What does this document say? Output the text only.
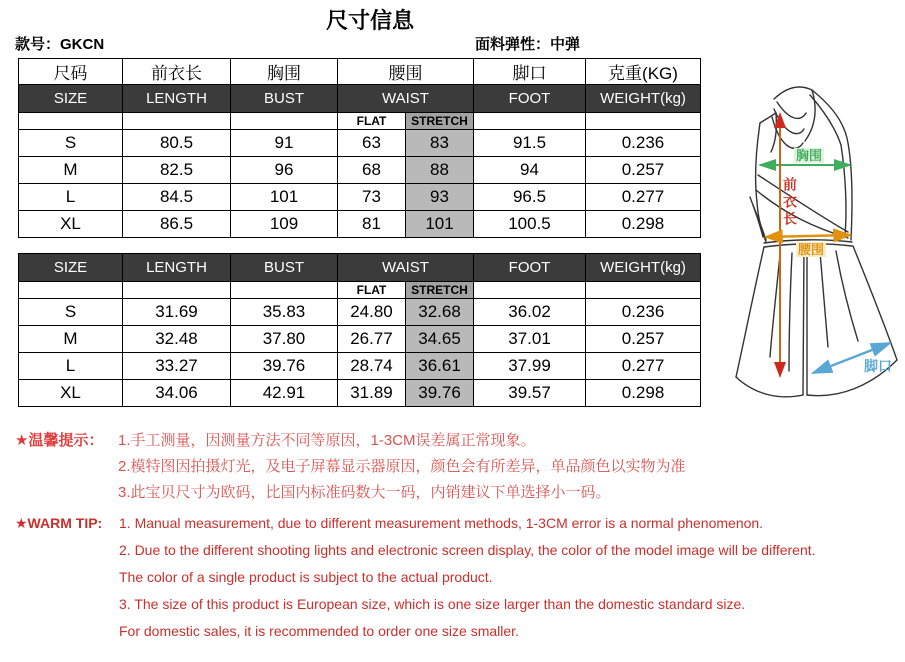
尺寸信息
款号：GKCN	面料弹性：中弹
尺码	前衣长	胸围	腰围		脚口	克重(KG)
SIZE	LENGTH	BUST	WAIST		FOOT	WEIGHT(kg)
			FLAT	STRETCH		
S	80.5	91	63	83	91.5	0.236
M	82.5	96	68	88	94	0.257
L	84.5	101	73	93	96.5	0.277
XL	86.5	109	81	101	100.5	0.298
SIZE	LENGTH	BUST	WAIST		FOOT	WEIGHT(kg)
			FLAT	STRETCH		
S	31.69	35.83	24.80	32.68	36.02	0.236
M	32.48	37.80	26.77	34.65	37.01	0.257
L	33.27	39.76	28.74	36.61	37.99	0.277
XL	34.06	42.91	31.89	39.76	39.57	0.298
★温馨提示： 1.手工测量，因测量方法不同等原因，1-3CM误差属正常现象。
2.模特图因拍摄灯光，及电子屏幕显示器原因，颜色会有所差异，单品颜色以实物为准
3.此宝贝尺寸为欧码，比国内标准码数大一码，内销建议下单选择小一码。
★WARM TIP:	1. Manual measurement, due to different measurement methods, 1-3CM error is a normal phenomenon.
2. Due to the different shooting lights and electronic screen display, the color of the model image will be different.
The color of a single product is subject to the actual product.
3. The size of this product is European size, which is one size larger than the domestic standard size.
For domestic sales, it is recommended to order one size smaller.
胸围
前衣长
腰围
脚口
